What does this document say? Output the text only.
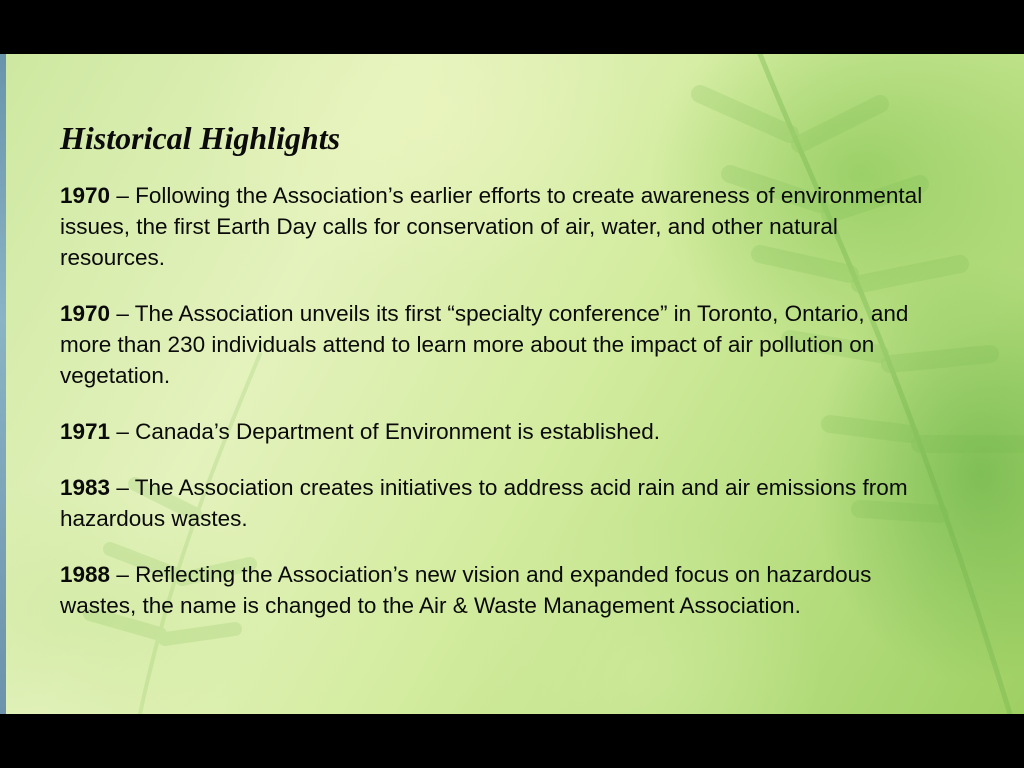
Historical Highlights

1970 – Following the Association’s earlier efforts to create awareness of environmental issues, the first Earth Day calls for conservation of air, water, and other natural resources.

1970 – The Association unveils its first “specialty conference” in Toronto, Ontario, and more than 230 individuals attend to learn more about the impact of air pollution on vegetation.

1971 – Canada’s Department of Environment is established.

1983 – The Association creates initiatives to address acid rain and air emissions from hazardous wastes.

1988 – Reflecting the Association’s new vision and expanded focus on hazardous wastes, the name is changed to the Air & Waste Management Association.
